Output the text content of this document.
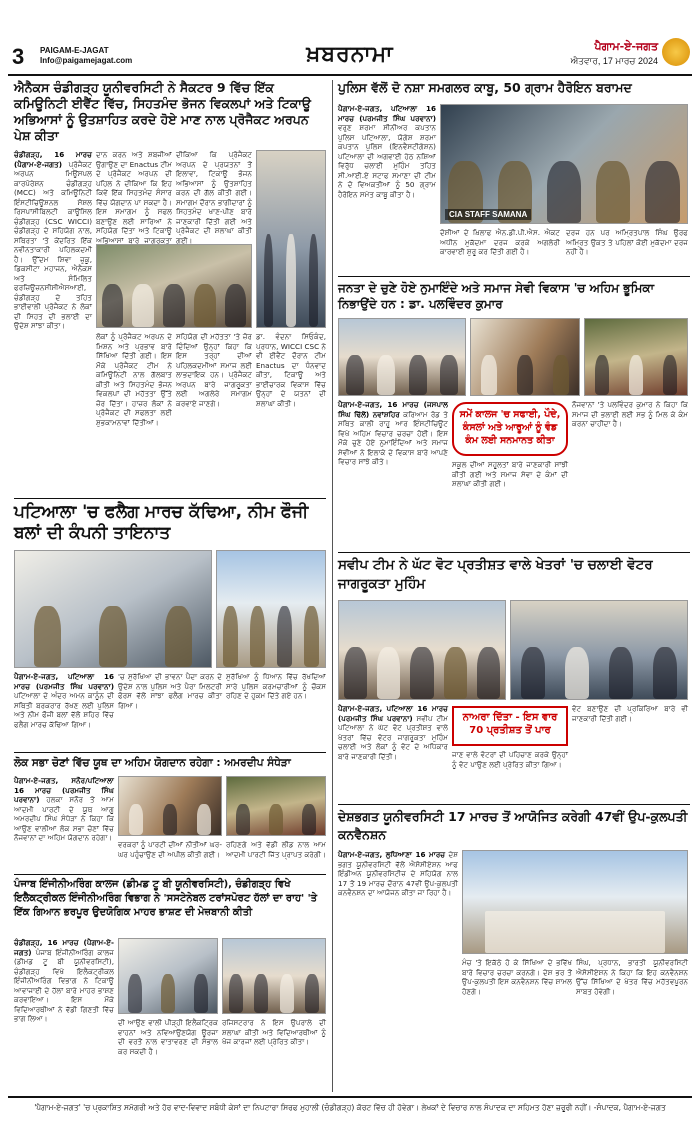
3 PAIGAM-E-JAGAT
Info@paigamejagat.com	ਖ਼ਬਰਨਾਮਾ	ਪੈਗਾਮ-ਏ-ਜਗਤ
ਐਤਵਾਰ, 17 ਮਾਰਚ 2024
ਐਨੈਕਸ ਚੰਡੀਗੜ੍ਹ ਯੂਨੀਵਰਸਿਟੀ ਨੇ ਸੈਕਟਰ 9 ਵਿੱਚ ਇੱਕ ਕਮਿਊਨਿਟੀ ਈਵੈਂਟ ਵਿੱਚ, ਸਿਹਤਮੰਦ ਭੋਜਨ ਵਿਕਲਪਾਂ ਅਤੇ ਟਿਕਾਊ ਅਭਿਆਸਾਂ ਨੂੰ ਉਤਸ਼ਾਹਿਤ ਕਰਦੇ ਹੋਏ ਮਾਣ ਨਾਲ ਪ੍ਰੋਜੈਕਟ ਅਰਪਨ ਪੇਸ਼ ਕੀਤਾ
ਚੰਡੀਗੜ੍ਹ, 16 ਮਾਰਚ (ਪੈਗਾਮ-ਏ-ਜਗਤ) ਪ੍ਰੋਜੈਕਟ ਅਰਪਨ ਮਿਊਂਸਪਲ ਕਾਰਪੋਰੇਸ਼ਨ ਚੰਡੀਗੜ੍ਹ (MCC) ਅਤੇ ਕਮਿਊਨਿਟੀ ਇੰਸਟੀਚਿਊਸ਼ਨਲ ਸੋਸ਼ਲ ਰਿਸਪਾਂਸੀਬਿਲਟੀ ਕਾਊਂਸਿਲ ਚੰਡੀਗੜ੍ਹ (CSC WICCI) ਚੰਡੀਗੜ੍ਹ ਦੇ ਸਹਿਯੋਗ ਨਾਲ, ਸਥਿਰਤਾ 'ਤੇ ਕੇਂਦਰਿਤ ਇੱਕ ਨਵੀਨਤਾਕਾਰੀ ਪਹਿਲਕਦਮੀ ਹੈ। ਉੱਦਮ ਸ਼ਿਵਾ ਜ਼ੁਕੂ, ਡਿਕਸੀਟਾ ਮਹਾਜਨ, ਐਨੈਕਸ ਅਤੇ ਸੰਮਿਲਿਤ ਫਰਜ਼ਿਊਜ਼ਨਸੀਸੀਐਸਆਈ, ਚੰਡੀਗੜ੍ਹ ਦੇ ਤਹਿਤ ਭਾਈਵਾਲੀ ਪ੍ਰੋਜੈਕਟ ਨੇ ਲੋਕਾਂ ਦੀ ਸਿਹਤ ਦੀ ਭਲਾਈ ਦਾ ਉਦੇਸ਼ ਸਾਂਝਾ ਕੀਤਾ।
ਦਾਨ ਕਰਨ ਅਤੇ ਸ਼ਬਜੀਆਂ ਉਗਾਉਣ ਦਾ Enactus ਟੀਮ ਦੇ ਪ੍ਰੋਜੈਕਟ ਅਰਪਨ ਦੀ ਪਹਿਲ ਨੇ ਦੀਕਿਆ ਕਿ ਇਹ ਕਿਵੇਂ ਇੱਕ ਸਿਹਤਮੰਦ ਸੰਸਾਰ ਵਿੱਚ ਯੋਗਦਾਨ ਪਾ ਸਕਦਾ ਹੈ। ਇਸ ਸਮਾਗਮ ਨੂੰ ਸਫਲ ਬਣਾਉਣ ਲਈ ਸਾਰਿਆਂ ਨੇ ਸਹਿਯੋਗ ਦਿੱਤਾ ਅਤੇ ਟਿਕਾਊ ਅਭਿਆਸਾਂ ਬਾਰੇ ਜਾਗਰੂਕਤਾ
ਦੀਕਿਆ ਕਿ ਪ੍ਰੋਜੈਕਟ ਅਰਪਨ ਦੇ ਪ੍ਰਯਤਨਾਂ ਤੋਂ ਇਲਾਵਾ, ਟਿਕਾਊ ਭੋਜਨ ਅਭਿਆਸਾਂ ਨੂੰ ਉਤਸ਼ਾਹਿਤ ਕਰਨ ਦੀ ਗੱਲ ਕੀਤੀ ਗਈ। ਸਮਾਗਮ ਦੌਰਾਨ ਭਾਗੀਦਾਰਾਂ ਨੂੰ ਸਿਹਤਮੰਦ ਖਾਣ-ਪੀਣ ਬਾਰੇ ਜਾਣਕਾਰੀ ਦਿੱਤੀ ਗਈ ਅਤੇ ਪ੍ਰੋਜੈਕਟ ਦੀ ਸ਼ਲਾਘਾ ਕੀਤੀ ਗਈ।
ਲੋਕਾਂ ਨੂੰ ਪ੍ਰੋਜੈਕਟ ਅਰਪਨ ਦੇ ਮਿਸ਼ਨ ਅਤੇ ਪ੍ਰਭਾਵ ਬਾਰੇ ਸਿੱਖਿਆ ਦਿੱਤੀ ਗਈ। ਇਸ ਮੌਕੇ ਪ੍ਰੋਜੈਕਟ ਟੀਮ ਨੇ ਕਮਿਊਨਿਟੀ ਨਾਲ ਗੱਲਬਾਤ ਕੀਤੀ ਅਤੇ ਸਿਹਤਮੰਦ ਭੋਜਨ ਵਿਕਲਪਾਂ ਦੀ ਮਹੱਤਤਾ ਉੱਤੇ ਜ਼ੋਰ ਦਿੱਤਾ। ਹਾਜ਼ਰ ਲੋਕਾਂ ਨੇ ਪ੍ਰੋਜੈਕਟ ਦੀ ਸਫਲਤਾ ਲਈ ਸ਼ੁਭਕਾਮਨਾਵਾਂ ਦਿੱਤੀਆਂ।
ਸਹਿਯੋਗ ਦੀ ਮਹੱਤਤਾ 'ਤੇ ਜ਼ੋਰ ਦਿੰਦਿਆਂ ਉਨ੍ਹਾਂ ਕਿਹਾ ਕਿ ਇਸ ਤਰ੍ਹਾਂ ਦੀਆਂ ਪਹਿਲਕਦਮੀਆਂ ਸਮਾਜ ਲਈ ਲਾਭਦਾਇਕ ਹਨ। ਪ੍ਰੋਜੈਕਟ ਅਰਪਨ ਬਾਰੇ ਜਾਗਰੂਕਤਾ ਲਈ ਅਗਲੇਰੇ ਸਮਾਗਮ ਕਰਵਾਏ ਜਾਣਗੇ।
ਡਾ. ਵੰਦਨਾ ਸਿਓਕੰਦ, ਪ੍ਰਧਾਨ, WICCI CSC ਨੇ ਵੀ ਈਵੈਂਟ ਦੌਰਾਨ ਟੀਮ Enactus ਦਾ ਧੰਨਵਾਦ ਕੀਤਾ, ਟਿਕਾਊ ਅਤੇ ਭਾਈਚਾਰਕ ਵਿਕਾਸ ਵਿੱਚ ਉਨ੍ਹਾਂ ਦੇ ਯਤਨਾਂ ਦੀ ਸ਼ਲਾਘਾ ਕੀਤੀ।
ਪੁਲਿਸ ਵੱਲੋਂ ਦੋ ਨਸ਼ਾ ਸਮਗਲਰ ਕਾਬੂ, 50 ਗ੍ਰਾਮ ਹੈਰੋਇਨ ਬਰਾਮਦ
ਪੈਗਾਮ-ਏ-ਜਗਤ, ਪਟਿਆਲਾ 16 ਮਾਰਚ (ਪਰਮਜੀਤ ਸਿੰਘ ਪਰਵਾਨਾ) ਵਰੁਣ ਸ਼ਰਮਾ ਸੀਨੀਅਰ ਕਪਤਾਨ ਪੁਲਿਸ ਪਟਿਆਲਾ, ਯੋਗੇਸ਼ ਸ਼ਰਮਾ ਕਪਤਾਨ ਪੁਲਿਸ (ਇਨਵੈਸਟੀਗੇਸ਼ਨ) ਪਟਿਆਲਾ ਦੀ ਅਗਵਾਈ ਹੇਠ ਨਸ਼ਿਆਂ ਵਿਰੁੱਧ ਚਲਾਈ ਮੁਹਿੰਮ ਤਹਿਤ ਸੀ.ਆਈ.ਏ ਸਟਾਫ ਸਮਾਣਾ ਦੀ ਟੀਮ ਨੇ ਦੋ ਵਿਅਕਤੀਆਂ ਨੂੰ 50 ਗ੍ਰਾਮ ਹੈਰੋਇਨ ਸਮੇਤ ਕਾਬੂ ਕੀਤਾ ਹੈ।
CIA STAFF SAMANA
ਦੋਸ਼ੀਆਂ ਦੇ ਖ਼ਿਲਾਫ ਐਨ.ਡੀ.ਪੀ.ਐਸ. ਐਕਟ ਅਧੀਨ ਮੁਕੱਦਮਾ ਦਰਜ ਕਰਕੇ ਅਗਲੇਰੀ ਕਾਰਵਾਈ ਸ਼ੁਰੂ ਕਰ ਦਿੱਤੀ ਗਈ ਹੈ।
ਦਰਜ ਹਨ ਪਰ ਅਮ੍ਰਿਤਪਾਲ ਸਿੰਘ ਉਰਫ ਅਮ੍ਰਿਤ ਉਕਤ ਤੇ ਪਹਿਲਾਂ ਕੋਈ ਮੁਕੱਦਮਾ ਦਰਜ ਨਹੀਂ ਹੈ।
ਜਨਤਾ ਦੇ ਚੁਣੇ ਹੋਏ ਨੁਮਾਇੰਦੇ ਅਤੇ ਸਮਾਜ ਸੇਵੀ ਵਿਕਾਸ 'ਚ ਅਹਿਮ ਭੂਮਿਕਾ ਨਿਭਾਉਂਦੇ ਹਨ : ਡਾ. ਪਲਵਿੰਦਰ ਕੁਮਾਰ
ਪੈਗਾਮ-ਏ-ਜਗਤ, 16 ਮਾਰਚ (ਜਸਪਾਲ ਸਿੰਘ ਢਿੱਲੋਂ) ਨਵਾਂਸ਼ਹਿਰ ਕਰਿਆਮ ਰੋਡ ਤੇ ਸਥਿਤ ਕਾਲੀ ਰਾਹੂ ਆਰ ਇੰਸਟੀਚਿਊਟ ਵਿਖੇ ਅਹਿਮ ਵਿਚਾਰ ਚਰਚਾ ਹੋਈ। ਇਸ ਮੌਕੇ ਚੁਣੇ ਹੋਏ ਨੁਮਾਇੰਦਿਆਂ ਅਤੇ ਸਮਾਜ ਸੇਵੀਆਂ ਨੇ ਇਲਾਕੇ ਦੇ ਵਿਕਾਸ ਬਾਰੇ ਆਪਣੇ ਵਿਚਾਰ ਸਾਂਝੇ ਕੀਤੇ।
ਸਮੇਂ ਕਾਲਜ 'ਚ ਸਫਾਈ, ਪੌਦੇ, ਕੰਸਲਾਂ ਅਤੇ ਆਰੂਆਂ ਨੂੰ ਵੰਡ ਕੰਮ ਲਈ ਸਨਮਾਨਤ ਕੀਤਾ
ਸਕੂਲ ਦੀਆਂ ਸਹੂਲਤਾਂ ਬਾਰੇ ਜਾਣਕਾਰੀ ਸਾਂਝੀ ਕੀਤੀ ਗਈ ਅਤੇ ਸਮਾਜ ਸੇਵਾ ਦੇ ਕੰਮਾਂ ਦੀ ਸ਼ਲਾਘਾ ਕੀਤੀ ਗਈ।
ਨੌਜਵਾਨਾਂ 'ਤੇ ਪਲਵਿੰਦਰ ਕੁਮਾਰ ਨੇ ਕਿਹਾ ਕਿ ਸਮਾਜ ਦੀ ਭਲਾਈ ਲਈ ਸਭ ਨੂੰ ਮਿਲ ਕੇ ਕੰਮ ਕਰਨਾ ਚਾਹੀਦਾ ਹੈ।
ਪਟਿਆਲਾ 'ਚ ਫਲੈਗ ਮਾਰਚ ਕੱਢਿਆ, ਨੀਮ ਫੌਜੀ ਬਲਾਂ ਦੀ ਕੰਪਨੀ ਤਾਇਨਾਤ
ਪੈਗਾਮ-ਏ-ਜਗਤ, ਪਟਿਆਲਾ 16 ਮਾਰਚ (ਪਰਮਜੀਤ ਸਿੰਘ ਪਰਵਾਨਾ) ਪਟਿਆਲਾ ਦੇ ਅੰਦਰ ਅਮਨ ਕਾਨੂੰਨ ਦੀ ਸਥਿਤੀ ਬਰਕਰਾਰ ਰੱਖਣ ਲਈ ਪੁਲਿਸ ਅਤੇ ਨੀਮ ਫੌਜੀ ਬਲਾਂ ਵੱਲੋਂ ਸ਼ਹਿਰ ਵਿੱਚ ਫਲੈਗ ਮਾਰਚ ਕੱਢਿਆ ਗਿਆ।
'ਚ ਸੁਰੱਖਿਆ ਦੀ ਭਾਵਨਾ ਪੈਦਾ ਕਰਨ ਦੇ ਉਦੇਸ਼ ਨਾਲ ਪੁਲਿਸ ਅਤੇ ਪੈਰਾ ਮਿਲਟਰੀ ਫੋਰਸ ਵੱਲੋਂ ਸਾਂਝਾ ਫਲੈਗ ਮਾਰਚ ਕੀਤਾ ਗਿਆ।
ਸੁਰੱਖਿਆ ਨੂੰ ਧਿਆਨ ਵਿੱਚ ਰੱਖਦਿਆਂ ਸਾਰੇ ਪੁਲਿਸ ਕਰਮਚਾਰੀਆਂ ਨੂੰ ਚੌਕਸ ਰਹਿਣ ਦੇ ਹੁਕਮ ਦਿੱਤੇ ਗਏ ਹਨ।
ਸਵੀਪ ਟੀਮ ਨੇ ਘੱਟ ਵੋਟ ਪ੍ਰਤੀਸ਼ਤ ਵਾਲੇ ਖੇਤਰਾਂ 'ਚ ਚਲਾਈ ਵੋਟਰ ਜਾਗਰੂਕਤਾ ਮੁਹਿੰਮ
ਪੈਗਾਮ-ਏ-ਜਗਤ, ਪਟਿਆਲਾ 16 ਮਾਰਚ (ਪਰਮਜੀਤ ਸਿੰਘ ਪਰਵਾਨਾ) ਸਵੀਪ ਟੀਮ ਪਟਿਆਲਾ ਨੇ ਘੱਟ ਵੋਟ ਪ੍ਰਤੀਸ਼ਤ ਵਾਲੇ ਖੇਤਰਾਂ ਵਿੱਚ ਵੋਟਰ ਜਾਗਰੂਕਤਾ ਮੁਹਿੰਮ ਚਲਾਈ ਅਤੇ ਲੋਕਾਂ ਨੂੰ ਵੋਟ ਦੇ ਅਧਿਕਾਰ ਬਾਰੇ ਜਾਣਕਾਰੀ ਦਿੱਤੀ।
ਨਾਅਰਾ ਦਿੱਤਾ - ਇਸ ਵਾਰ 70 ਪ੍ਰਤੀਸ਼ਤ ਤੋਂ ਪਾਰ
ਜਾਣ ਵਾਲੇ ਵੋਟਰਾਂ ਦੀ ਪਹਿਚਾਣ ਕਰਕੇ ਉਨ੍ਹਾਂ ਨੂੰ ਵੋਟ ਪਾਉਣ ਲਈ ਪ੍ਰੇਰਿਤ ਕੀਤਾ ਗਿਆ।
ਵੋਟ ਬਣਾਉਣ ਦੀ ਪ੍ਰਕਿਰਿਆ ਬਾਰੇ ਵੀ ਜਾਣਕਾਰੀ ਦਿੱਤੀ ਗਈ।
ਲੋਕ ਸਭਾ ਚੋਣਾਂ ਵਿੱਚ ਯੂਥ ਦਾ ਅਹਿਮ ਯੋਗਦਾਨ ਰਹੇਗਾ : ਅਮਰਦੀਪ ਸੰਧੇੜਾ
ਪੈਗਾਮ-ਏ-ਜਗਤ, ਸਨੌਰ/ਪਟਿਆਲਾ 16 ਮਾਰਚ (ਪਰਮਜੀਤ ਸਿੰਘ ਪਰਵਾਨਾ) ਹਲਕਾ ਸਨੌਰ ਤੋਂ ਆਮ ਆਦਮੀ ਪਾਰਟੀ ਦੇ ਯੂਥ ਆਗੂ ਅਮਰਦੀਪ ਸਿੰਘ ਸੰਧੇੜਾ ਨੇ ਕਿਹਾ ਕਿ ਆਉਣ ਵਾਲੀਆਂ ਲੋਕ ਸਭਾ ਚੋਣਾਂ ਵਿੱਚ ਨੌਜਵਾਨਾਂ ਦਾ ਅਹਿਮ ਯੋਗਦਾਨ ਰਹੇਗਾ।
ਵਰਕਰਾਂ ਨੂੰ ਪਾਰਟੀ ਦੀਆਂ ਨੀਤੀਆਂ ਘਰ-ਘਰ ਪਹੁੰਚਾਉਣ ਦੀ ਅਪੀਲ ਕੀਤੀ ਗਈ।
ਰਹਿਣਗੇ ਅਤੇ ਵੱਡੀ ਲੀਡ ਨਾਲ ਆਮ ਆਦਮੀ ਪਾਰਟੀ ਜਿੱਤ ਪ੍ਰਾਪਤ ਕਰੇਗੀ।
ਦੇਸ਼ਭਗਤ ਯੂਨੀਵਰਸਿਟੀ 17 ਮਾਰਚ ਤੋਂ ਆਯੋਜਿਤ ਕਰੇਗੀ 47ਵੀਂ ਉਪ-ਕੁਲਪਤੀ ਕਨਵੈਨਸ਼ਨ
ਪੈਗਾਮ-ਏ-ਜਗਤ, ਲੁਧਿਆਣਾ 16 ਮਾਰਚ ਦੇਸ਼ ਭਗਤ ਯੂਨੀਵਰਸਿਟੀ ਵੱਲੋਂ ਐਸੋਸੀਏਸ਼ਨ ਆਫ ਇੰਡੀਅਨ ਯੂਨੀਵਰਸਿਟੀਜ਼ ਦੇ ਸਹਿਯੋਗ ਨਾਲ 17 ਤੋਂ 19 ਮਾਰਚ ਦੌਰਾਨ 47ਵੀਂ ਉਪ-ਕੁਲਪਤੀ ਕਨਵੈਨਸ਼ਨ ਦਾ ਆਯੋਜਨ ਕੀਤਾ ਜਾ ਰਿਹਾ ਹੈ।
ਮੰਚ 'ਤੇ ਇਕੱਠੇ ਹੋ ਕੇ ਸਿੱਖਿਆ ਦੇ ਭਵਿੱਖ ਬਾਰੇ ਵਿਚਾਰ ਚਰਚਾ ਕਰਨਗੇ। ਦੇਸ਼ ਭਰ ਤੋਂ ਉਪ-ਕੁਲਪਤੀ ਇਸ ਕਨਵੈਨਸ਼ਨ ਵਿੱਚ ਸ਼ਾਮਲ ਹੋਣਗੇ।
ਸਿੰਘ, ਪ੍ਰਧਾਨ, ਭਾਰਤੀ ਯੂਨੀਵਰਸਿਟੀ ਐਸੋਸੀਏਸ਼ਨ ਨੇ ਕਿਹਾ ਕਿ ਇਹ ਕਨਵੈਨਸ਼ਨ ਉੱਚ ਸਿੱਖਿਆ ਦੇ ਖੇਤਰ ਵਿੱਚ ਮਹੱਤਵਪੂਰਨ ਸਾਬਤ ਹੋਵੇਗੀ।
ਪੰਜਾਬ ਇੰਜੀਨੀਅਰਿੰਗ ਕਾਲਜ (ਡੀਮਡ ਟੂ ਬੀ ਯੂਨੀਵਰਸਿਟੀ), ਚੰਡੀਗੜ੍ਹ ਵਿਖੇ ਇਲੈਕਟ੍ਰੀਕਲ ਇੰਜੀਨੀਅਰਿੰਗ ਵਿਭਾਗ ਨੇ 'ਸਸਟੇਨੇਬਲ ਟਰਾਂਸਪੋਰਟ ਹੱਲਾਂ ਦਾ ਰਾਹ' 'ਤੇ ਇੱਕ ਗਿਆਨ ਭਰਪੂਰ ਉਦਯੋਗਿਕ ਮਾਹਰ ਭਾਸ਼ਣ ਦੀ ਮੇਜ਼ਬਾਨੀ ਕੀਤੀ
ਚੰਡੀਗੜ੍ਹ, 16 ਮਾਰਚ (ਪੈਗਾਮ-ਏ-ਜਗਤ) ਪੰਜਾਬ ਇੰਜੀਨੀਅਰਿੰਗ ਕਾਲਜ (ਡੀਮਡ ਟੂ ਬੀ ਯੂਨੀਵਰਸਿਟੀ), ਚੰਡੀਗੜ੍ਹ ਵਿਖੇ ਇਲੈਕਟ੍ਰੀਕਲ ਇੰਜੀਨੀਅਰਿੰਗ ਵਿਭਾਗ ਨੇ ਟਿਕਾਊ ਆਵਾਜਾਈ ਦੇ ਹੱਲਾਂ ਬਾਰੇ ਮਾਹਰ ਭਾਸ਼ਣ ਕਰਵਾਇਆ। ਇਸ ਮੌਕੇ ਵਿਦਿਆਰਥੀਆਂ ਨੇ ਵੱਡੀ ਗਿਣਤੀ ਵਿੱਚ ਭਾਗ ਲਿਆ।	ਦੀ ਆਉਣ ਵਾਲੀ ਪੀੜ੍ਹੀ ਇਲੈਕਟ੍ਰਿਕ ਵਾਹਨਾਂ ਅਤੇ ਨਵਿਆਉਣਯੋਗ ਊਰਜਾ ਦੀ ਵਰਤੋਂ ਨਾਲ ਵਾਤਾਵਰਣ ਦੀ ਸੰਭਾਲ ਕਰ ਸਕਦੀ ਹੈ।
ਰਜਿਸਟਰਾਰ ਨੇ ਇਸ ਉਪਰਾਲੇ ਦੀ ਸ਼ਲਾਘਾ ਕੀਤੀ ਅਤੇ ਵਿਦਿਆਰਥੀਆਂ ਨੂੰ ਖੋਜ ਕਾਰਜਾਂ ਲਈ ਪ੍ਰੇਰਿਤ ਕੀਤਾ।
'ਪੈਗਾਮ-ਏ-ਜਗਤ' 'ਚ ਪ੍ਰਕਾਸ਼ਿਤ ਸਮੱਗਰੀ ਅਤੇ ਹੋਰ ਵਾਦ-ਵਿਵਾਦ ਸਬੰਧੀ ਕੇਸਾਂ ਦਾ ਨਿਪਟਾਰਾ ਸਿਰਫ ਮੁਹਾਲੀ (ਚੰਡੀਗੜ੍ਹ) ਕੋਰਟ ਵਿੱਚ ਹੀ ਹੋਵੇਗਾ। ਲੇਖਕਾਂ ਦੇ ਵਿਚਾਰ ਨਾਲ ਸੰਪਾਦਕ ਦਾ ਸਹਿਮਤ ਹੋਣਾ ਜ਼ਰੂਰੀ ਨਹੀਂ। -ਸੰਪਾਦਕ, ਪੈਗਾਮ-ਏ-ਜਗਤ
